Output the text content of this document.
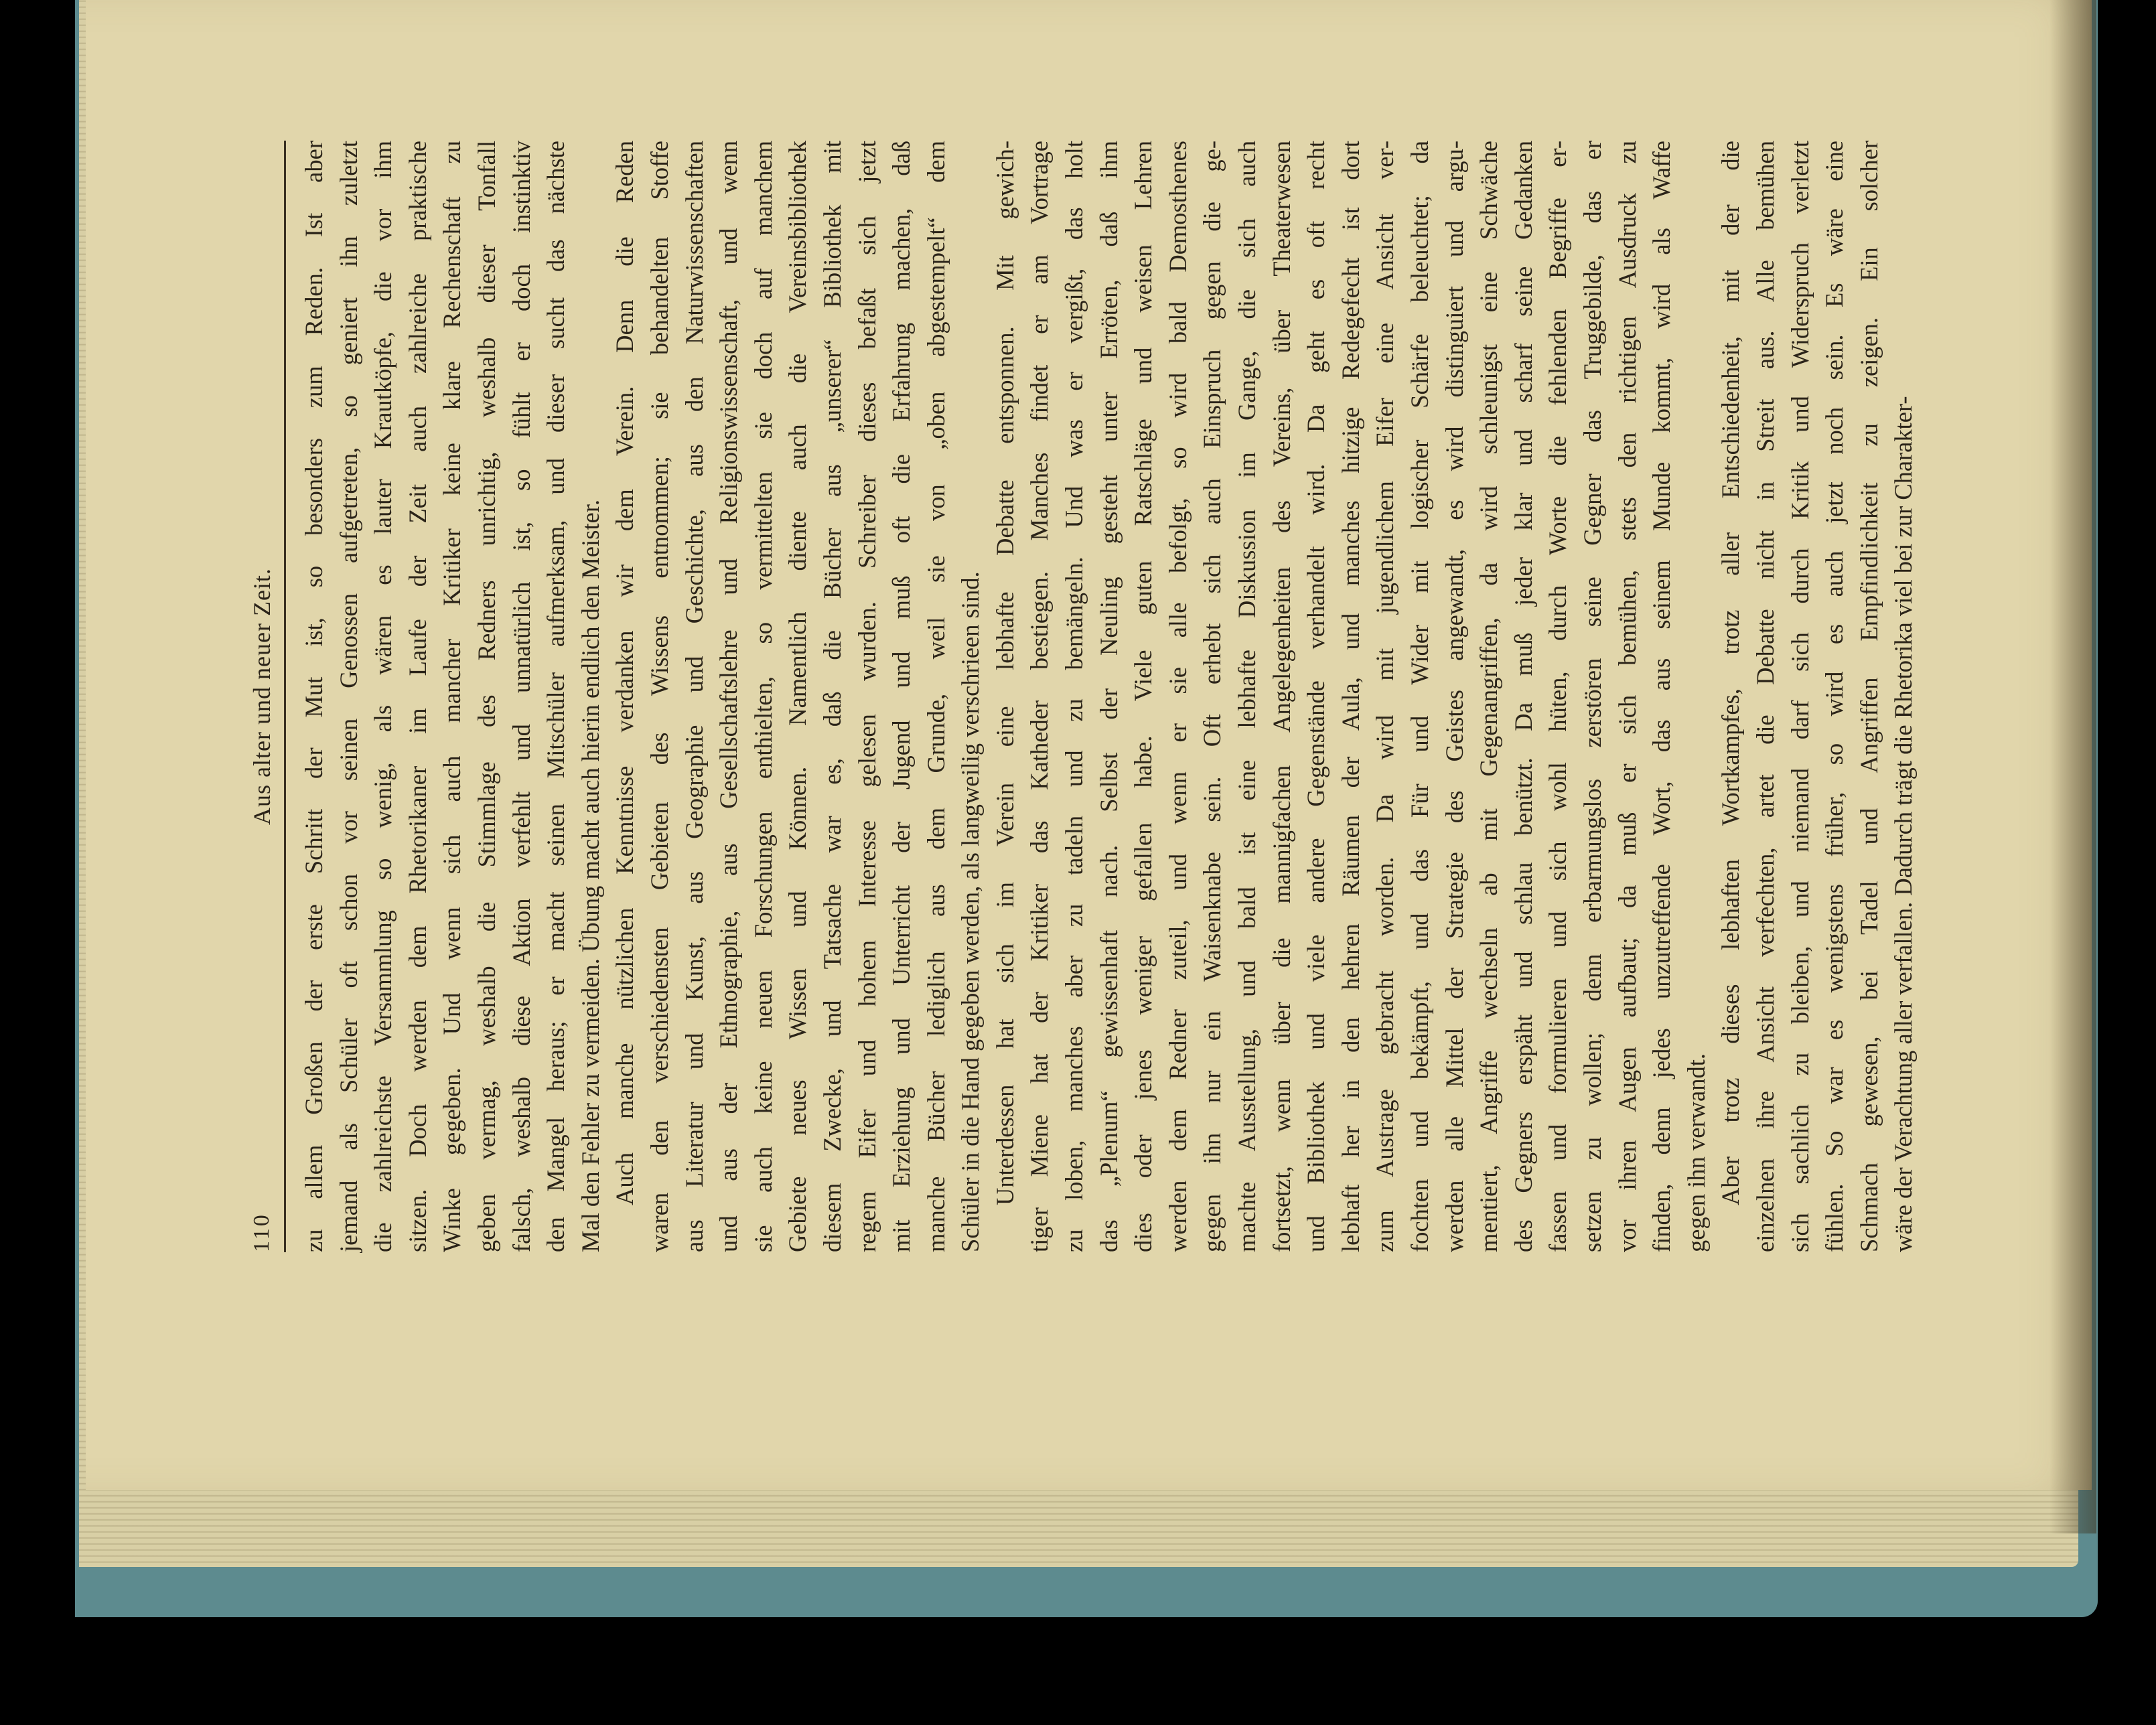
110
Aus alter und neuer Zeit. zu allem Großen der erste Schritt der Mut ist, so besonders zum Reden. Ist aber jemand als Schüler oft schon vor seinen Genossen aufgetreten, so geniert ihn zuletzt die zahlreichste Versammlung so wenig, als wären es lauter Krautköpfe, die vor ihm sitzen. Doch werden dem Rhetorikaner im Laufe der Zeit auch zahlreiche praktische Winke gegeben. Und wenn sich auch mancher Kritiker keine klare Rechenschaft zu geben vermag, weshalb die Stimmlage des Redners unrichtig, weshalb dieser Tonfall falsch, weshalb diese Aktion verfehlt und unnatürlich ist, so fühlt er doch instinktiv den Mangel heraus; er macht seinen Mitschüler aufmerksam, und dieser sucht das nächste Mal den Fehler zu vermeiden. Übung macht auch hierin endlich den Meister. Auch manche nützlichen Kenntnisse verdanken wir dem Verein. Denn die Reden waren den verschiedensten Gebieten des Wissens entnommen; sie behandelten Stoffe aus Literatur und Kunst, aus Geographie und Geschichte, aus den Naturwissenschaften und aus der Ethnographie, aus Gesellschaftslehre und Religionswissenschaft, und wenn sie auch keine neuen Forschungen enthielten, so vermittelten sie doch auf manchem Gebiete neues Wissen und Können. Namentlich diente auch die Vereinsbibliothek diesem Zwecke, und Tatsache war es, daß die Bücher aus „unserer“ Bibliothek mit regem Eifer und hohem Interesse gelesen wurden. Schreiber dieses befaßt sich jetzt mit Erziehung und Unterricht der Jugend und muß oft die Erfahrung machen, daß manche Bücher lediglich aus dem Grunde, weil sie von „oben abgestempelt“ dem Schüler in die Hand gegeben werden, als langweilig verschrieen sind. Unterdessen hat sich im Verein eine lebhafte Debatte entsponnen. Mit gewich- tiger Miene hat der Kritiker das Katheder bestiegen. Manches findet er am Vortrage zu loben, manches aber zu tadeln und zu bemängeln. Und was er vergißt, das holt das „Plenum“ gewissenhaft nach. Selbst der Neuling gesteht unter Erröten, daß ihm dies oder jenes weniger gefallen habe. Viele guten Ratschläge und weisen Lehren werden dem Redner zuteil, und wenn er sie alle befolgt, so wird bald Demosthenes gegen ihn nur ein Waisenknabe sein. Oft erhebt sich auch Einspruch gegen die ge- machte Ausstellung, und bald ist eine lebhafte Diskussion im Gange, die sich auch fortsetzt, wenn über die mannigfachen Angelegenheiten des Vereins, über Theaterwesen und Bibliothek und viele andere Gegenstände verhandelt wird. Da geht es oft recht lebhaft her in den hehren Räumen der Aula, und manches hitzige Redegefecht ist dort zum Austrage gebracht worden. Da wird mit jugendlichem Eifer eine Ansicht ver- fochten und bekämpft, und das Für und Wider mit logischer Schärfe beleuchtet; da werden alle Mittel der Strategie des Geistes angewandt, es wird distinguiert und argu- mentiert, Angriffe wechseln ab mit Gegenangriffen, da wird schleunigst eine Schwäche des Gegners erspäht und schlau benützt. Da muß jeder klar und scharf seine Gedanken fassen und formulieren und sich wohl hüten, durch Worte die fehlenden Begriffe er- setzen zu wollen; denn erbarmungslos zerstören seine Gegner das Truggebilde, das er vor ihren Augen aufbaut; da muß er sich bemühen, stets den richtigen Ausdruck zu finden, denn jedes unzutreffende Wort, das aus seinem Munde kommt, wird als Waffe gegen ihn verwandt. Aber trotz dieses lebhaften Wortkampfes, trotz aller Entschiedenheit, mit der die einzelnen ihre Ansicht verfechten, artet die Debatte nicht in Streit aus. Alle bemühen sich sachlich zu bleiben, und niemand darf sich durch Kritik und Widerspruch verletzt fühlen. So war es wenigstens früher, so wird es auch jetzt noch sein. Es wäre eine Schmach gewesen, bei Tadel und Angriffen Empfindlichkeit zu zeigen. Ein solcher wäre der Verachtung aller verfallen. Dadurch trägt die Rhetorika viel bei zur Charakter-
